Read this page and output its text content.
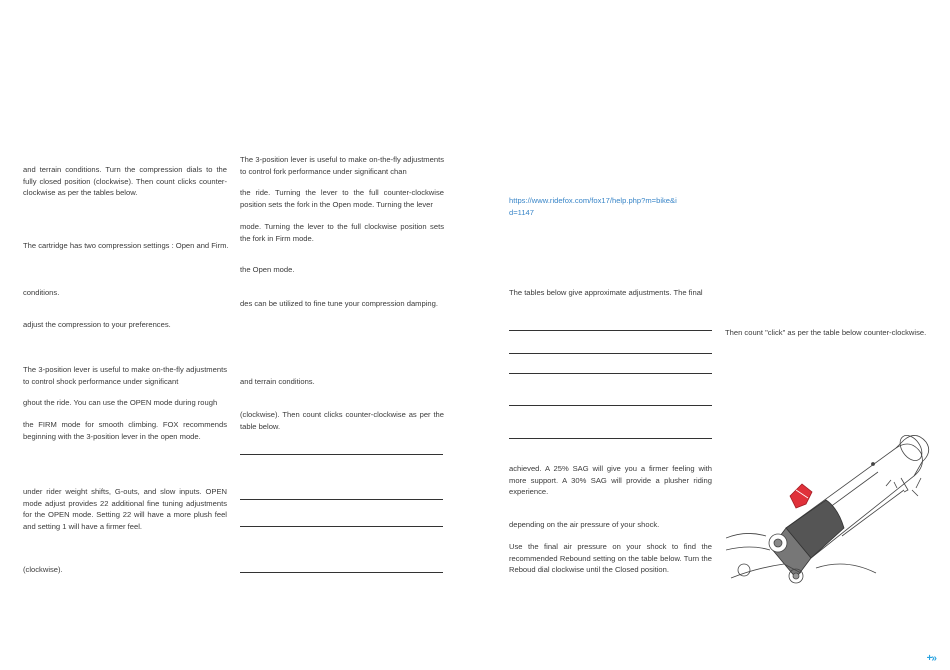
and terrain conditions. Turn the compression dials to the fully closed position (clockwise). Then count clicks counter-clockwise as per the tables below.

The cartridge has two compression settings : Open and Firm.

conditions.

adjust the compression to your preferences.

The 3-position lever is useful to make on-the-fly adjustments to control shock performance under significant

ghout the ride. You can use the OPEN mode during rough

the FIRM mode for smooth climbing. FOX recommends beginning with the 3-position lever in the open mode.

under rider weight shifts, G-outs, and slow inputs. OPEN mode adjust provides 22 additional fine tuning adjustments for the OPEN mode. Setting 22 will have a more plush feel and setting 1 will have a firmer feel.

(clockwise).

The 3-position lever is useful to make on-the-fly adjustments to control fork performance under significant chan

the ride. Turning the lever to the full counter-clockwise position sets the fork in the Open mode. Turning the lever

mode. Turning the lever to the full clockwise position sets the fork in Firm mode.

the Open mode.

des can be utilized to fine tune your compression damping.

and terrain conditions.

(clockwise). Then count clicks counter-clockwise as per the table below.

https://www.ridefox.com/fox17/help.php?m=bike&id=1147

The tables below give approximate adjustments. The final

achieved. A 25% SAG will give you a firmer feeling with more support. A 30% SAG will provide a plusher riding experience.

depending on the air pressure of your shock.

Use the final air pressure on your shock to find the recommended Rebound setting on the table below. Turn the Reboud dial clockwise until the Closed position.

Then count "click" as per the table below counter-clockwise.

+»
